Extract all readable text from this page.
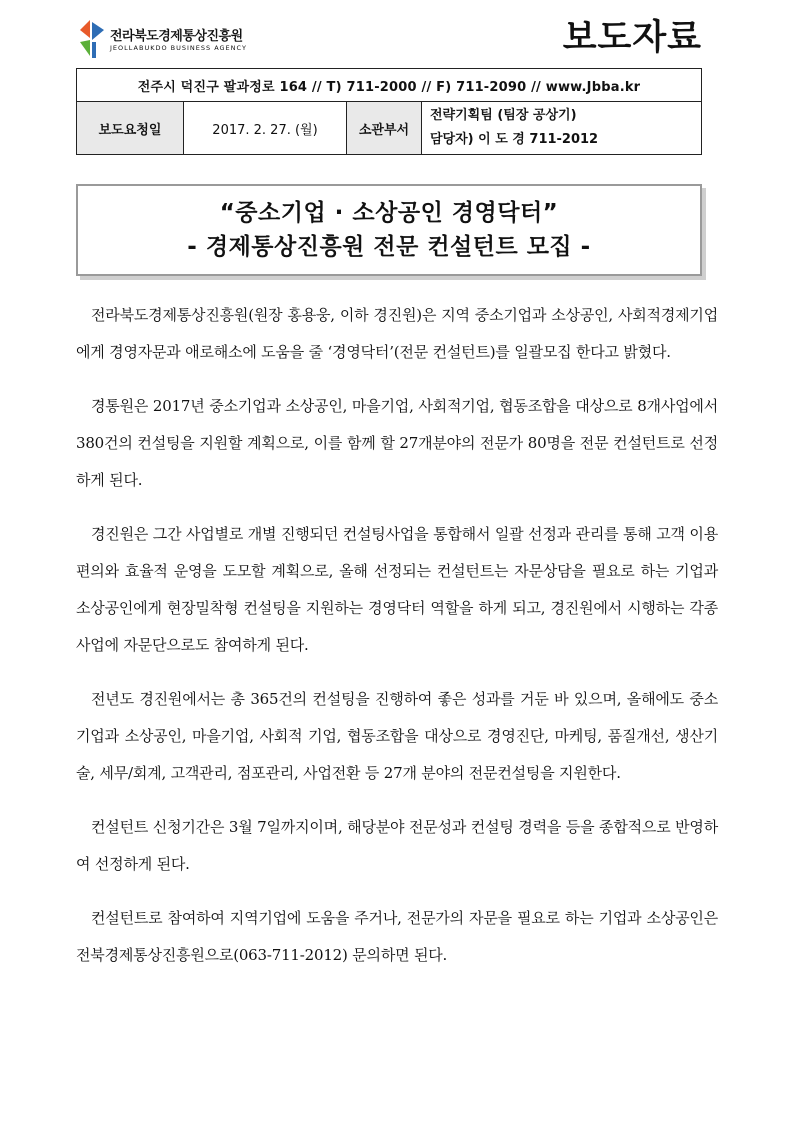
전라북도경제통상진흥원
JEOLLABUKDO BUSINESS AGENCY	보도자료
전주시 덕진구 팔과정로 164 // T) 711-2000 // F) 711-2090 // www.Jbba.kr
보도요청일	2017. 2. 27. (월)	소관부서	
전략기획팀 (팀장 공상기)
담당자) 이 도 경 711-2012
“중소기업 · 소상공인 경영닥터”
- 경제통상진흥원 전문 컨설턴트 모집 -

전라북도경제통상진흥원(원장 홍용웅, 이하 경진원)은 지역 중소기업과 소상공인, 사회적경제기업에게 경영자문과 애로해소에 도움을 줄 ‘경영닥터’(전문 컨설턴트)를 일괄모집 한다고 밝혔다.

경통원은 2017년 중소기업과 소상공인, 마을기업, 사회적기업, 협동조합을 대상으로 8개사업에서 380건의 컨설팅을 지원할 계획으로, 이를 함께 할 27개분야의 전문가 80명을 전문 컨설턴트로 선정하게 된다.

경진원은 그간 사업별로 개별 진행되던 컨설팅사업을 통합해서 일괄 선정과 관리를 통해 고객 이용편의와 효율적 운영을 도모할 계획으로, 올해 선정되는 컨설턴트는 자문상담을 필요로 하는 기업과 소상공인에게 현장밀착형 컨설팅을 지원하는 경영닥터 역할을 하게 되고, 경진원에서 시행하는 각종 사업에 자문단으로도 참여하게 된다.

전년도 경진원에서는 총 365건의 컨설팅을 진행하여 좋은 성과를 거둔 바 있으며, 올해에도 중소기업과 소상공인, 마을기업, 사회적 기업, 협동조합을 대상으로 경영진단, 마케팅, 품질개선, 생산기술, 세무/회계, 고객관리, 점포관리, 사업전환 등 27개 분야의 전문컨설팅을 지원한다.

컨설턴트 신청기간은 3월 7일까지이며, 해당분야 전문성과 컨설팅 경력을 등을 종합적으로 반영하여 선정하게 된다.

컨설턴트로 참여하여 지역기업에 도움을 주거나, 전문가의 자문을 필요로 하는 기업과 소상공인은 전북경제통상진흥원으로(063-711-2012) 문의하면 된다.
